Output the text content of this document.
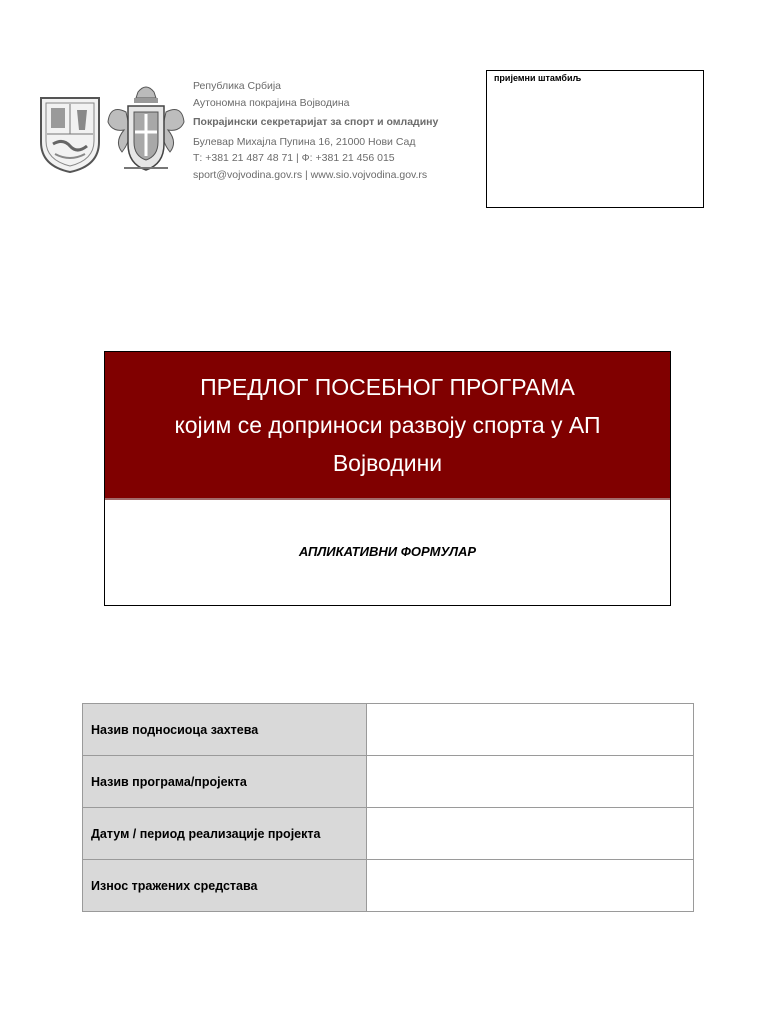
Република Србија
Аутономна покрајина Војводина
Покрајински секретаријат за спорт и омладину
Булевар Михајла Пупина 16, 21000 Нови Сад
Т: +381 21 487 48 71 | Ф: +381 21 456 015
sport@vojvodina.gov.rs | www.sio.vojvodina.gov.rs
пријемни штамбиљ
ПРЕДЛОГ ПОСЕБНОГ ПРОГРАМА
којим се доприноси развоју спорта у АП
Војводини
АПЛИКАТИВНИ ФОРМУЛАР
Назив подносиоца захтева	
Назив програма/пројекта	
Датум / период реализације пројекта	
Износ тражених средстава	
